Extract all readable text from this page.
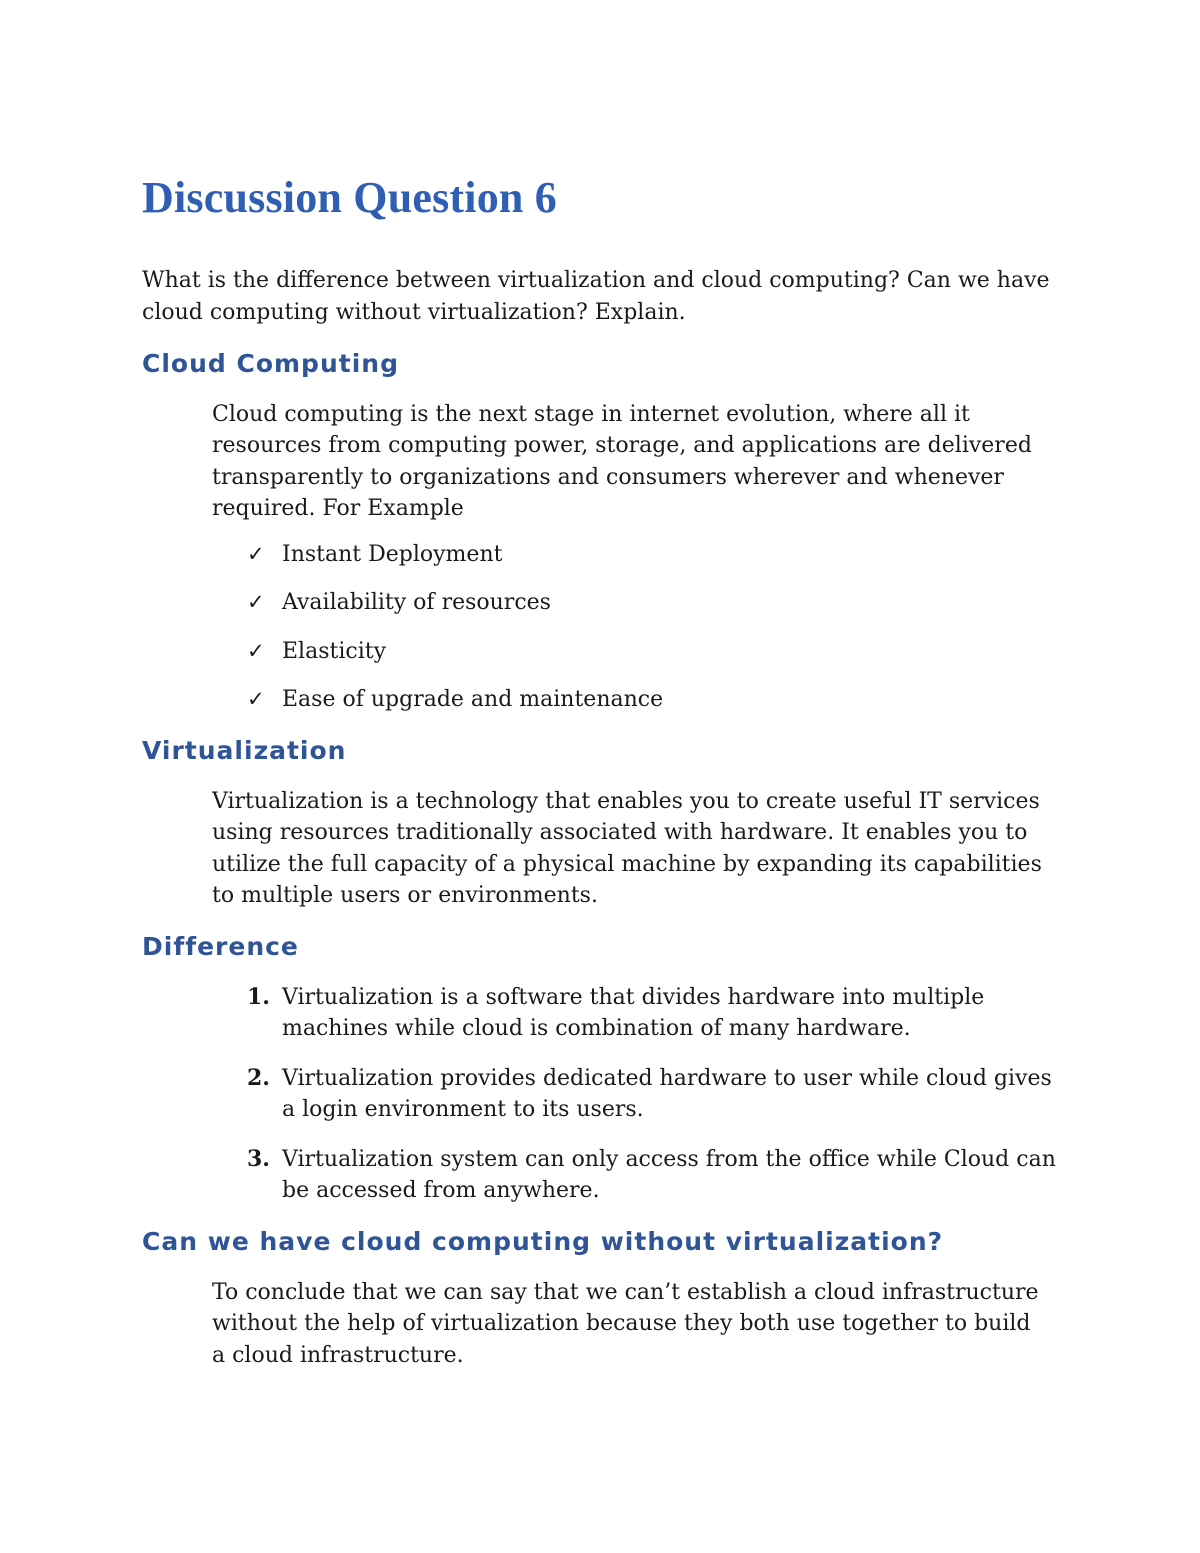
Discussion Question 6

What is the difference between virtualization and cloud computing? Can we have cloud computing without virtualization? Explain.

Cloud Computing

Cloud computing is the next stage in internet evolution, where all it resources from computing power, storage, and applications are delivered transparently to organizations and consumers wherever and whenever required. For Example

✓ Instant Deployment
✓ Availability of resources
✓ Elasticity
✓ Ease of upgrade and maintenance
Virtualization

Virtualization is a technology that enables you to create useful IT services using resources traditionally associated with hardware. It enables you to utilize the full capacity of a physical machine by expanding its capabilities to multiple users or environments.

Difference
1. Virtualization is a software that divides hardware into multiple machines while cloud is combination of many hardware.
2. Virtualization provides dedicated hardware to user while cloud gives a login environment to its users.
3. Virtualization system can only access from the office while Cloud can be accessed from anywhere.
Can we have cloud computing without virtualization?

To conclude that we can say that we can’t establish a cloud infrastructure without the help of virtualization because they both use together to build a cloud infrastructure.
